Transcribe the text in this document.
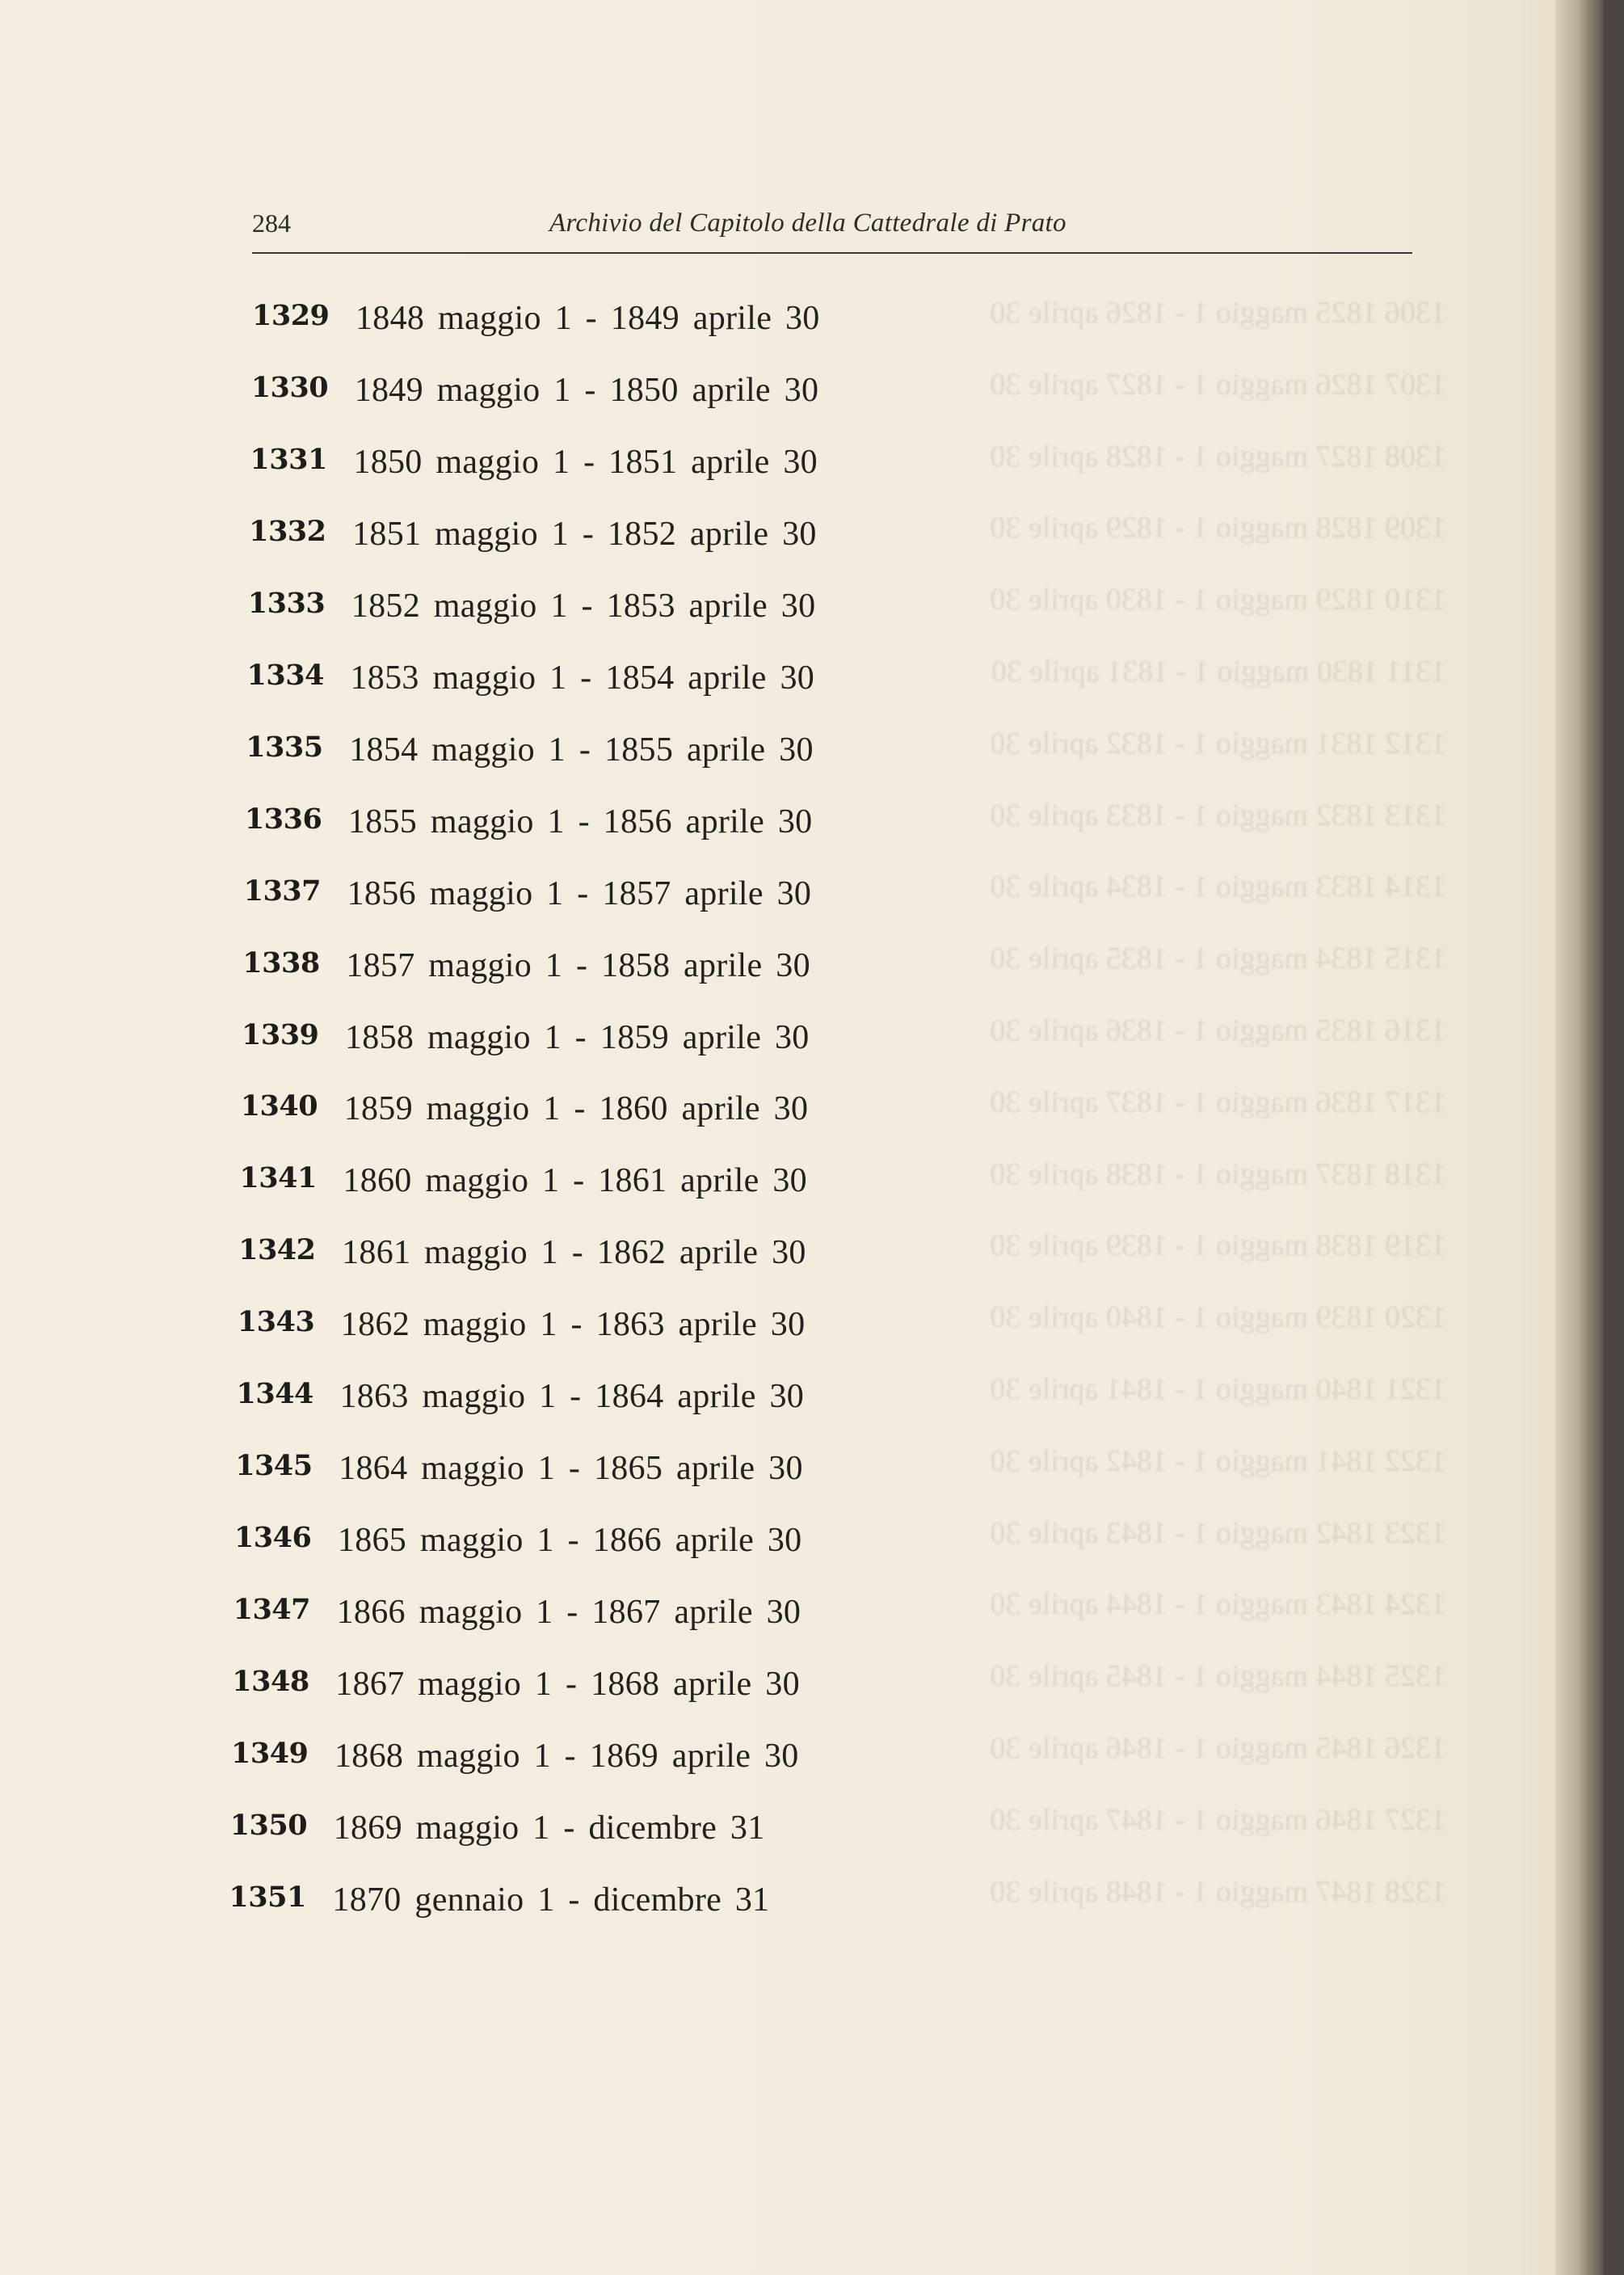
1306 1825 maggio 1 - 1826 aprile 30
1307 1826 maggio 1 - 1827 aprile 30
1308 1827 maggio 1 - 1828 aprile 30
1309 1828 maggio 1 - 1829 aprile 30
1310 1829 maggio 1 - 1830 aprile 30
1311 1830 maggio 1 - 1831 aprile 30
1312 1831 maggio 1 - 1832 aprile 30
1313 1832 maggio 1 - 1833 aprile 30
1314 1833 maggio 1 - 1834 aprile 30
1315 1834 maggio 1 - 1835 aprile 30
1316 1835 maggio 1 - 1836 aprile 30
1317 1836 maggio 1 - 1837 aprile 30
1318 1837 maggio 1 - 1838 aprile 30
1319 1838 maggio 1 - 1839 aprile 30
1320 1839 maggio 1 - 1840 aprile 30
1321 1840 maggio 1 - 1841 aprile 30
1322 1841 maggio 1 - 1842 aprile 30
1323 1842 maggio 1 - 1843 aprile 30
1324 1843 maggio 1 - 1844 aprile 30
1325 1844 maggio 1 - 1845 aprile 30
1326 1845 maggio 1 - 1846 aprile 30
1327 1846 maggio 1 - 1847 aprile 30
1328 1847 maggio 1 - 1848 aprile 30
284	Archivio del Capitolo della Cattedrale di Prato
1329 1848 maggio 1 - 1849 aprile 30
1330 1849 maggio 1 - 1850 aprile 30
1331 1850 maggio 1 - 1851 aprile 30
1332 1851 maggio 1 - 1852 aprile 30
1333 1852 maggio 1 - 1853 aprile 30
1334 1853 maggio 1 - 1854 aprile 30
1335 1854 maggio 1 - 1855 aprile 30
1336 1855 maggio 1 - 1856 aprile 30
1337 1856 maggio 1 - 1857 aprile 30
1338 1857 maggio 1 - 1858 aprile 30
1339 1858 maggio 1 - 1859 aprile 30
1340 1859 maggio 1 - 1860 aprile 30
1341 1860 maggio 1 - 1861 aprile 30
1342 1861 maggio 1 - 1862 aprile 30
1343 1862 maggio 1 - 1863 aprile 30
1344 1863 maggio 1 - 1864 aprile 30
1345 1864 maggio 1 - 1865 aprile 30
1346 1865 maggio 1 - 1866 aprile 30
1347 1866 maggio 1 - 1867 aprile 30
1348 1867 maggio 1 - 1868 aprile 30
1349 1868 maggio 1 - 1869 aprile 30
1350 1869 maggio 1 - dicembre 31
1351 1870 gennaio 1 - dicembre 31
